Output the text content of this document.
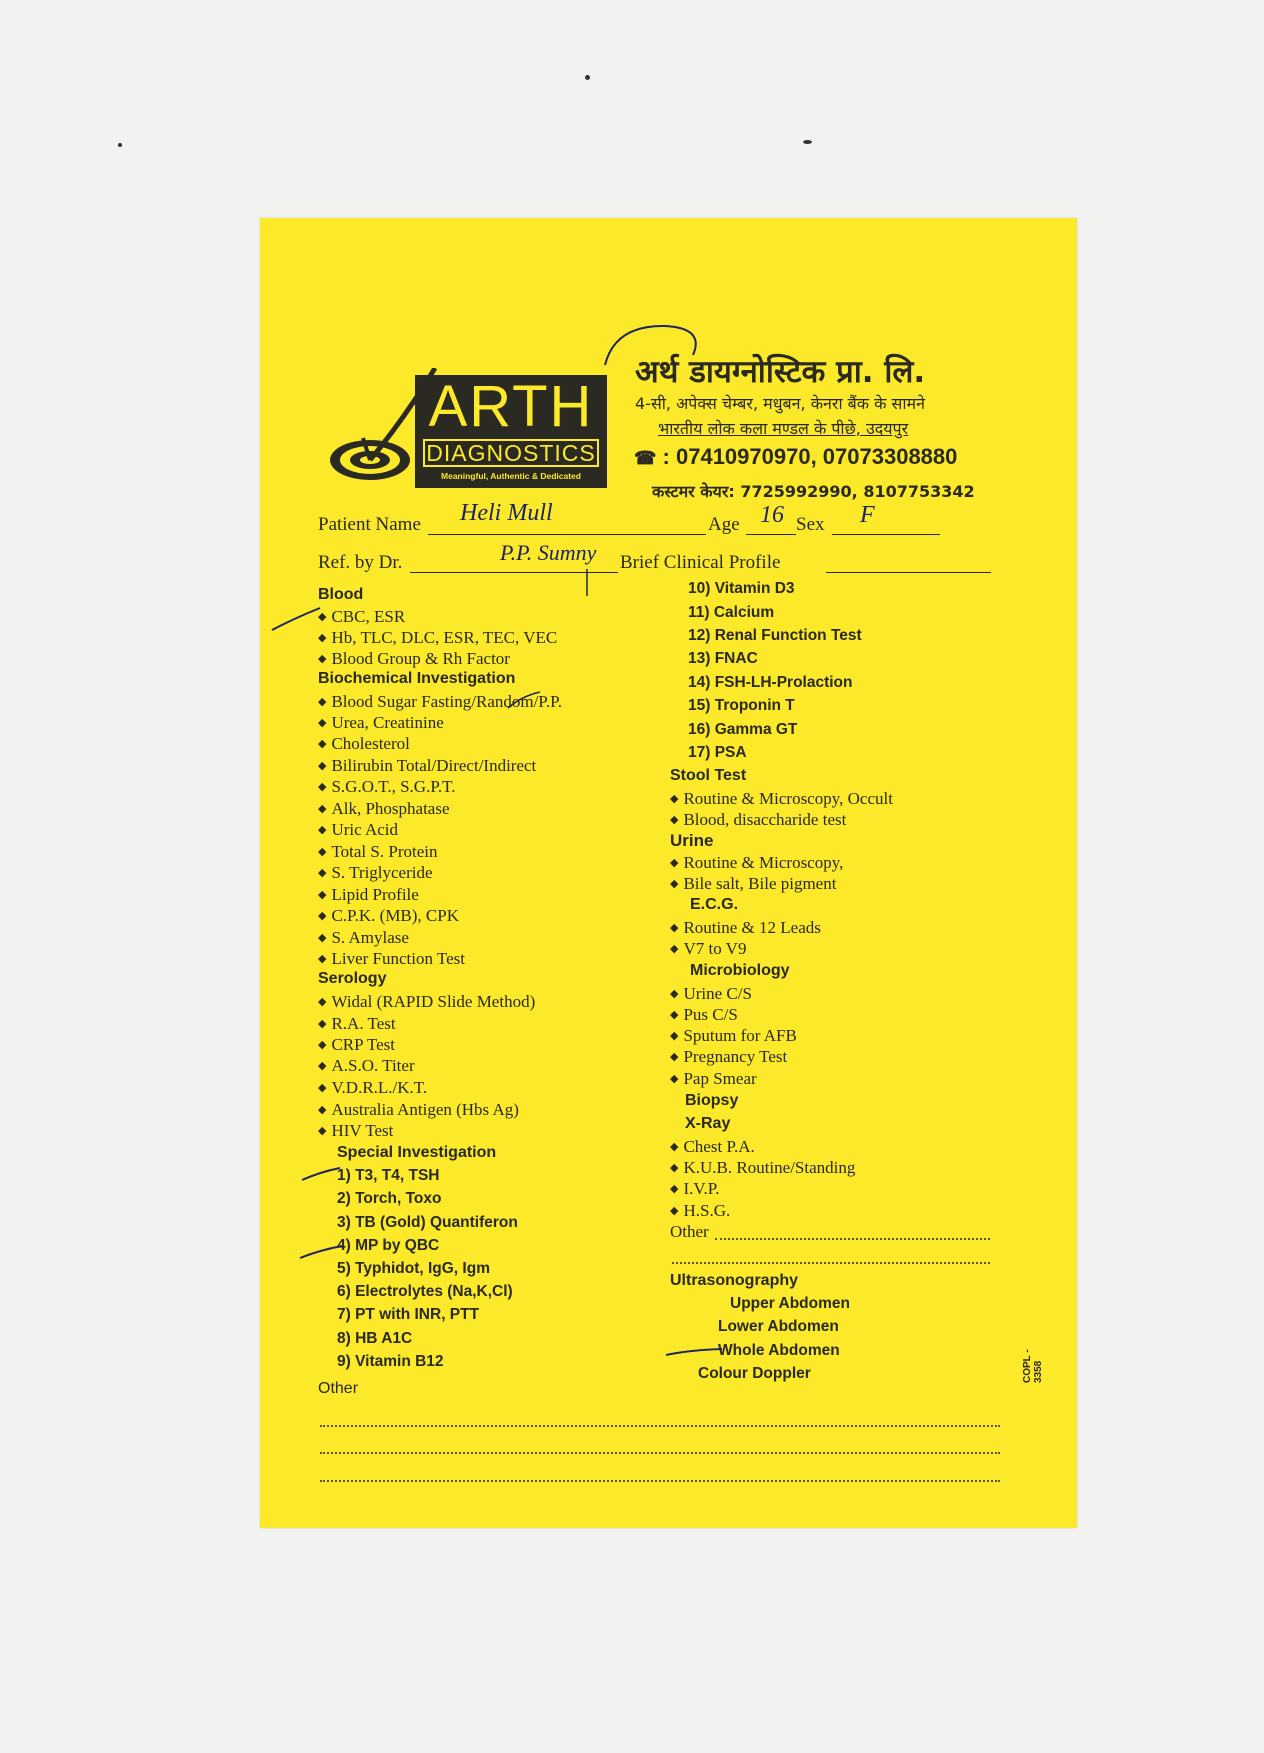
ARTH
DIAGNOSTICS
Meaningful, Authentic & Dedicated
अर्थ डायग्नोस्टिक प्रा. लि.
4-सी, अपेक्स चेम्बर, मधुबन, केनरा बैंक के सामने
भारतीय लोक कला मण्डल के पीछे, उदयपुर
☎ : 07410970970, 07073308880
कस्टमर केयर: 7725992990, 8107753342
Patient Name Heli Mull	Age 16 Sex F
Ref. by Dr.	P.P. Sumny Brief Clinical Profile
Blood
◆ CBC, ESR
◆ Hb, TLC, DLC, ESR, TEC, VEC
◆ Blood Group & Rh Factor
Biochemical Investigation
◆ Blood Sugar Fasting/Random/P.P.
◆ Urea, Creatinine
◆ Cholesterol
◆ Bilirubin Total/Direct/Indirect
◆ S.G.O.T., S.G.P.T.
◆ Alk, Phosphatase
◆ Uric Acid
◆ Total S. Protein
◆ S. Triglyceride
◆ Lipid Profile
◆ C.P.K. (MB), CPK
◆ S. Amylase
◆ Liver Function Test
Serology
◆ Widal (RAPID Slide Method)
◆ R.A. Test
◆ CRP Test
◆ A.S.O. Titer
◆ V.D.R.L./K.T.
◆ Australia Antigen (Hbs Ag)
◆ HIV Test
Special Investigation
1) T3, T4, TSH
2) Torch, Toxo
3) TB (Gold) Quantiferon
4) MP by QBC
5) Typhidot, IgG, Igm
6) Electrolytes (Na,K,Cl)
7) PT with INR, PTT
8) HB A1C
9) Vitamin B12
Other
10) Vitamin D3
11) Calcium
12) Renal Function Test
13) FNAC
14) FSH-LH-Prolaction
15) Troponin T
16) Gamma GT
17) PSA
Stool Test
◆ Routine & Microscopy, Occult
◆ Blood, disaccharide test
Urine
◆ Routine & Microscopy,
◆ Bile salt, Bile pigment
E.C.G.
◆ Routine & 12 Leads
◆ V7 to V9
Microbiology
◆ Urine C/S
◆ Pus C/S
◆ Sputum for AFB
◆ Pregnancy Test
◆ Pap Smear
Biopsy
X-Ray
◆ Chest P.A.
◆ K.U.B. Routine/Standing
◆ I.V.P.
◆ H.S.G.
Other
Ultrasonography
Upper Abdomen
Lower Abdomen
Whole Abdomen
Colour Doppler	COPL - 3358
